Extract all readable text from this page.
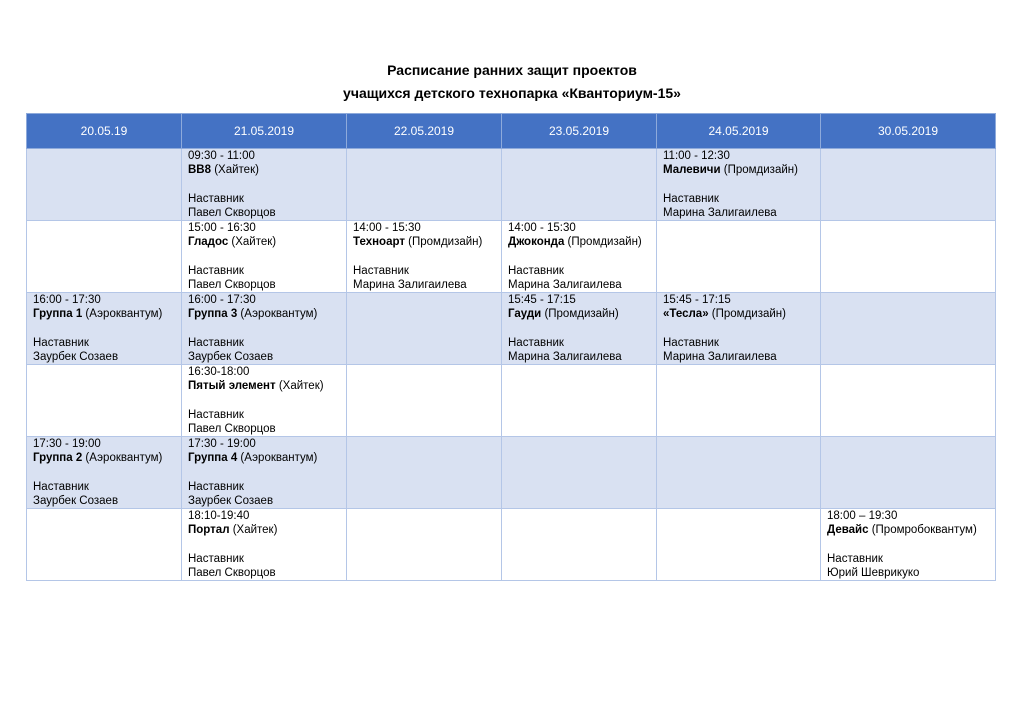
Расписание ранних защит проектов
учащихся детского технопарка «Кванториум-15»
20.05.19	21.05.2019	22.05.2019	23.05.2019	24.05.2019	30.05.2019

	09:30 - 11:00
ВВ8 (Хайтек)
Наставник
Павел Скворцов			11:00 - 12:30
Малевичи (Промдизайн)
Наставник
Марина Залигаилева	

	15:00 - 16:30
Гладос (Хайтек)
Наставник
Павел Скворцов	14:00 - 15:30
Техноарт (Промдизайн)
Наставник
Марина Залигаилева	14:00 - 15:30
Джоконда (Промдизайн)
Наставник
Марина Залигаилева		

16:00 - 17:30
Группа 1 (Аэроквантум)
Наставник
Заурбек Созаев	16:00 - 17:30
Группа 3 (Аэроквантум)
Наставник
Заурбек Созаев		15:45 - 17:15
Гауди (Промдизайн)
Наставник
Марина Залигаилева	15:45 - 17:15
«Тесла» (Промдизайн)
Наставник
Марина Залигаилева	

	16:30-18:00
Пятый элемент (Хайтек)
Наставник
Павел Скворцов				

17:30 - 19:00
Группа 2 (Аэроквантум)
Наставник
Заурбек Созаев	17:30 - 19:00
Группа 4 (Аэроквантум)
Наставник
Заурбек Созаев				

	18:10-19:40
Портал (Хайтек)
Наставник
Павел Скворцов				18:00 – 19:30
Девайс (Промробоквантум)
Наставник
Юрий Шеврикуко
